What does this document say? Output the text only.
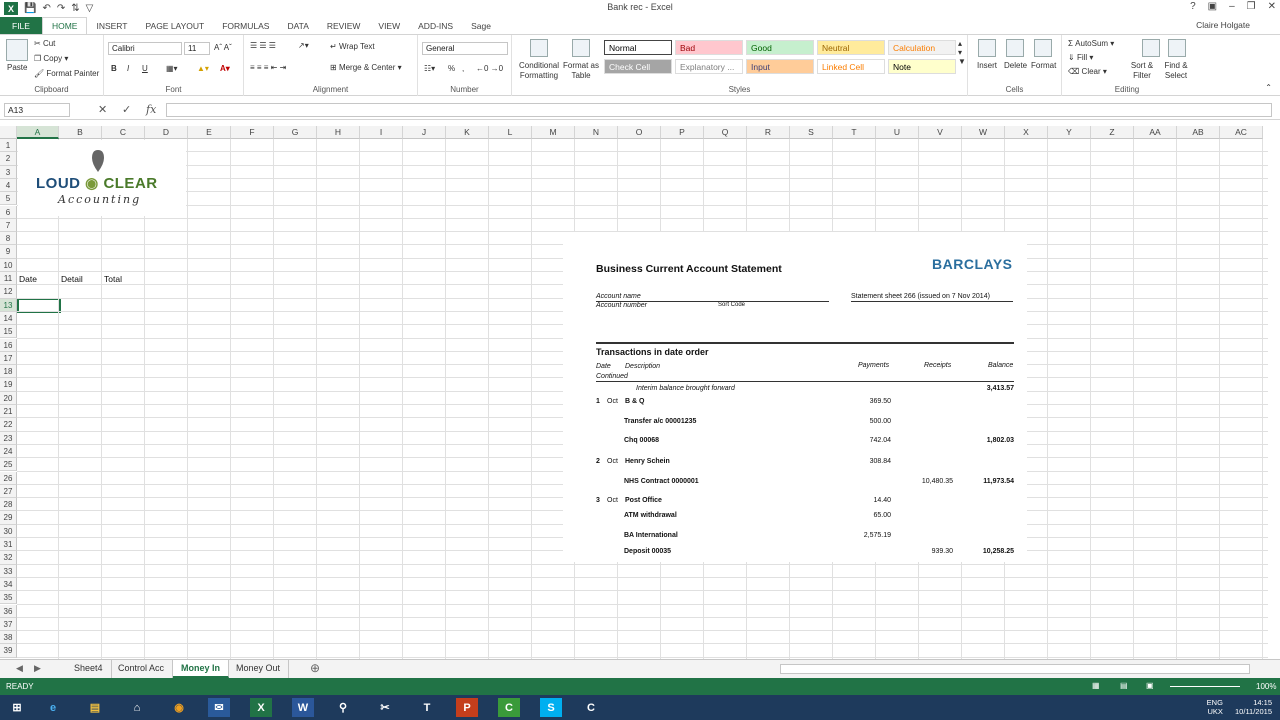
X	💾 ↶ ↷ ⇅ ▽	Bank rec - Excel	? ▣ – ❐ ✕
FILE	HOME	INSERT	PAGE LAYOUT	FORMULAS	DATA	REVIEW	VIEW	ADD-INS	Sage	Claire Holgate
Paste
✂ Cut
❐ Copy ▾
🖌 Format Painter
Clipboard
Calibri	11	Aˆ Aˇ
B I U ▦▾ ▲▾ A▾
Font
☰ ☰ ☰	↗▾	↵ Wrap Text
≡ ≡ ≡ ⇤ ⇥	⊞ Merge & Center ▾
Alignment
General
☷▾ % , ←0 →0
Number
Conditional Formatting
Format as Table
Normal	Bad	Good	Neutral	Calculation
Check Cell	Explanatory ...	Input	Linked Cell	Note
▴
▾
▼
Styles
Insert Delete Format
Cells
Σ AutoSum ▾
⇓ Fill ▾
⌫ Clear ▾
Sort & Filter
Find & Select
Editing	⌃
A13	✕ ✓ fx
Date	Detail	Total
A	B	C	D	E	F	G	H	I	J	K	L	M	N	O	P	Q	R	S	T	U	V	W	X	Y	Z	AA	AB	AC
1
2
3
4
5
6
7
8
9
10
11
12
13
14
15
16
17
18
19
20
21
22
23
24
25
26
27
28
29
30
31
32
33
34
35
36
37
38
39
LOUD ◉ CLEAR
Accounting
Business Current Account Statement	BARCLAYS
Account name
Account number	Sort Code
Statement sheet 266 (issued on 7 Nov 2014)
Transactions in date order
Date Description	Payments	Receipts	Balance
Continued
Interim balance brought forward	3,413.57
1 Oct B & Q	369.50
Transfer a/c 00001235	500.00
Chq 00068	742.04	1,802.03
2 Oct Henry Schein	308.84
NHS Contract 0000001	10,480.35	11,973.54
3 Oct Post Office	14.40
ATM withdrawal	65.00
BA International	2,575.19
Deposit 00035	939.30	10,258.25
◀ ▶	Sheet4	Control Acc	Money In	Money Out	⊕
READY	▦	▤ ▣	100%
⊞	e	▤	⌂	◉	✉	X	W	⚲	✂	T	P	C	S	C	ENG
UKX 14:15
10/11/2015
